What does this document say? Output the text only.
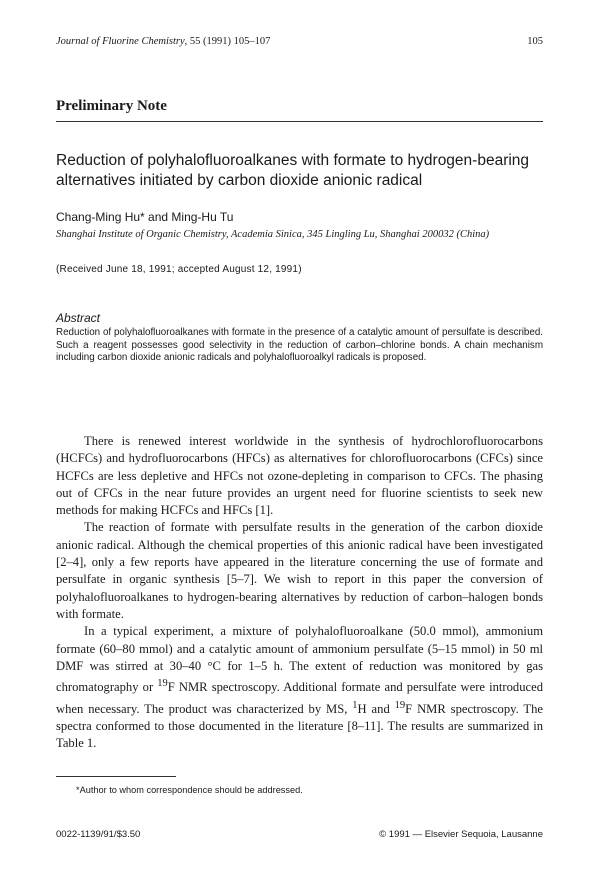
Journal of Fluorine Chemistry, 55 (1991) 105–107	105
Preliminary Note
Reduction of polyhalofluoroalkanes with formate to hydrogen-bearing alternatives initiated by carbon dioxide anionic radical
Chang-Ming Hu* and Ming-Hu Tu
Shanghai Institute of Organic Chemistry, Academia Sinica, 345 Lingling Lu, Shanghai 200032 (China)
(Received June 18, 1991; accepted August 12, 1991)
Abstract
Reduction of polyhalofluoroalkanes with formate in the presence of a catalytic amount of persulfate is described. Such a reagent possesses good selectivity in the reduction of carbon–chlorine bonds. A chain mechanism including carbon dioxide anionic radicals and polyhalofluoroalkyl radicals is proposed.

There is renewed interest worldwide in the synthesis of hydrochlorofluorocarbons (HCFCs) and hydrofluorocarbons (HFCs) as alternatives for chlorofluorocarbons (CFCs) since HCFCs are less depletive and HFCs not ozone-depleting in comparison to CFCs. The phasing out of CFCs in the near future provides an urgent need for fluorine scientists to seek new methods for making HCFCs and HFCs [1].

The reaction of formate with persulfate results in the generation of the carbon dioxide anionic radical. Although the chemical properties of this anionic radical have been investigated [2–4], only a few reports have appeared in the literature concerning the use of formate and persulfate in organic synthesis [5–7]. We wish to report in this paper the conversion of polyhalofluoroalkanes to hydrogen-bearing alternatives by reduction of carbon–halogen bonds with formate.

In a typical experiment, a mixture of polyhalofluoroalkane (50.0 mmol), ammonium formate (60–80 mmol) and a catalytic amount of ammonium persulfate (5–15 mmol) in 50 ml DMF was stirred at 30–40 °C for 1–5 h. The extent of reduction was monitored by gas chromatography or $^{19}$F NMR spectroscopy. Additional formate and persulfate were introduced when necessary. The product was characterized by MS, $^1$H and $^{19}$F NMR spectroscopy. The spectra conformed to those documented in the literature [8–11]. The results are summarized in Table 1.

*Author to whom correspondence should be addressed.
0022-1139/91/$3.50	© 1991 — Elsevier Sequoia, Lausanne
